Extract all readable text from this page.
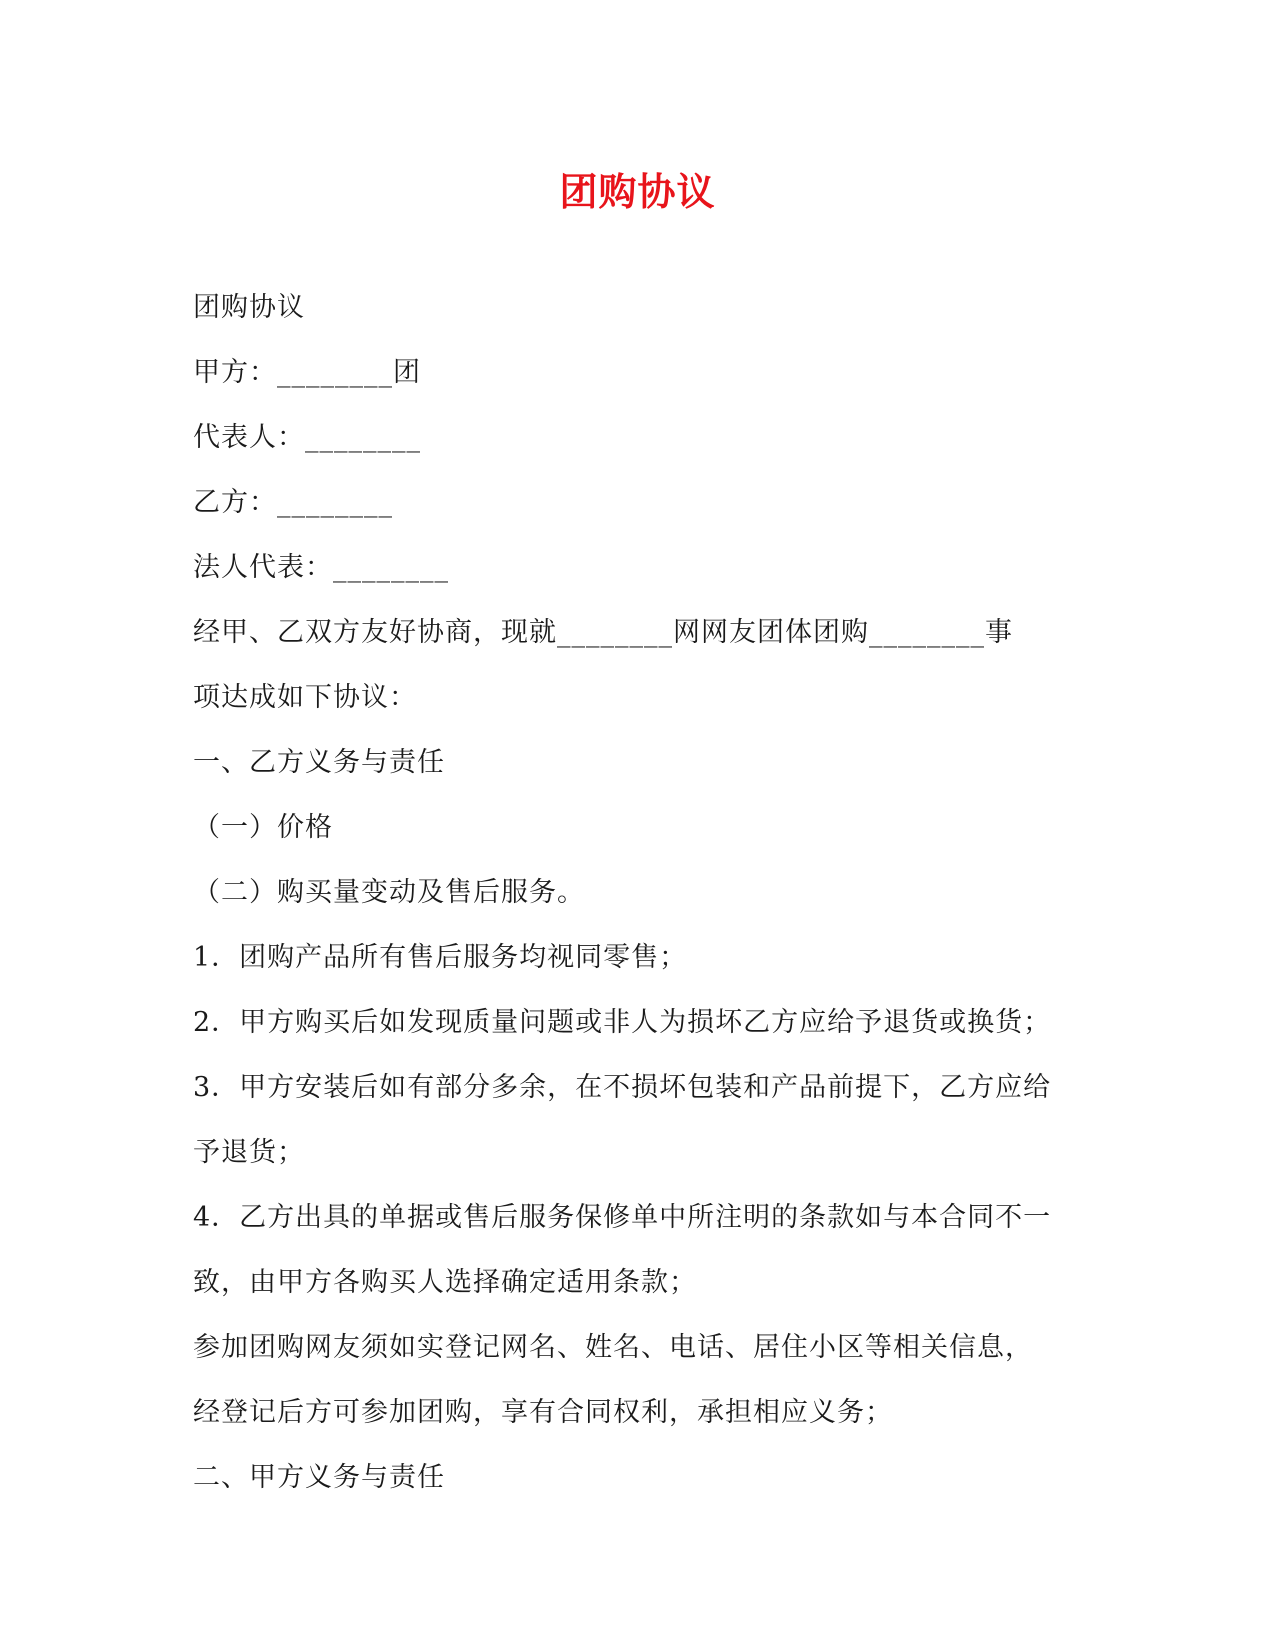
团购协议
团购协议
甲方：________团
代表人：________
乙方：________
法人代表：________
经甲、乙双方友好协商，现就________网网友团体团购________事
项达成如下协议：
一、乙方义务与责任
（一）价格
（二）购买量变动及售后服务。
1．团购产品所有售后服务均视同零售；
2．甲方购买后如发现质量问题或非人为损坏乙方应给予退货或换货；
3．甲方安装后如有部分多余，在不损坏包装和产品前提下，乙方应给
予退货；
4．乙方出具的单据或售后服务保修单中所注明的条款如与本合同不一
致，由甲方各购买人选择确定适用条款；
参加团购网友须如实登记网名、姓名、电话、居住小区等相关信息，
经登记后方可参加团购，享有合同权利，承担相应义务；
二、甲方义务与责任
